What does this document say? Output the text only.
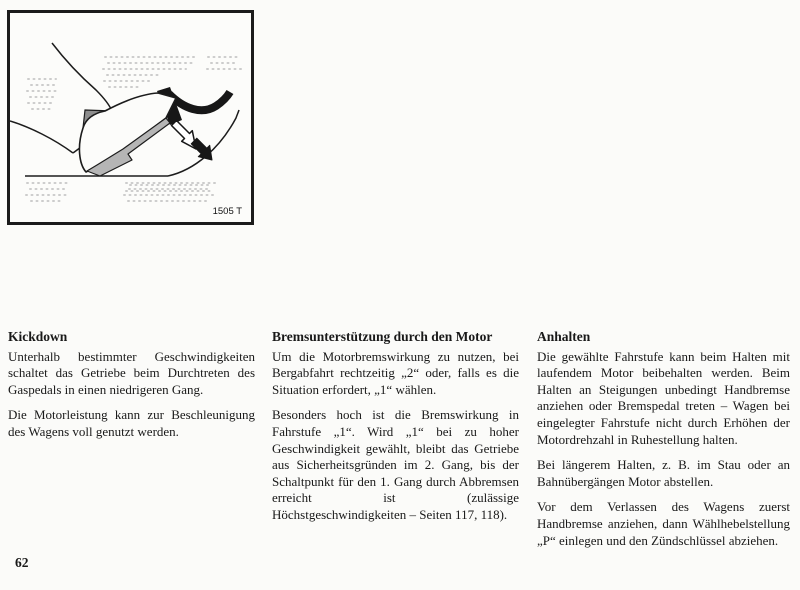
1505 T
Kickdown

Unterhalb bestimmter Geschwindigkeiten schaltet das Getriebe beim Durchtreten des Gaspedals in einen niedrigeren Gang.

Die Motorleistung kann zur Beschleunigung des Wagens voll genutzt werden.

Bremsunterstützung durch den Motor

Um die Motorbremswirkung zu nutzen, bei Bergabfahrt rechtzeitig „2“ oder, falls es die Situation erfordert, „1“ wählen.

Besonders hoch ist die Bremswirkung in Fahrstufe „1“. Wird „1“ bei zu hoher Geschwindigkeit gewählt, bleibt das Getriebe aus Sicherheitsgründen im 2. Gang, bis der Schaltpunkt für den 1. Gang durch Abbremsen erreicht ist (zulässige Höchstgeschwindigkeiten – Seiten 117, 118).

Anhalten

Die gewählte Fahrstufe kann beim Halten mit laufendem Motor beibehalten werden. Beim Halten an Steigungen unbedingt Handbremse anziehen oder Bremspedal treten – Wagen bei eingelegter Fahrstufe nicht durch Erhöhen der Motordrehzahl in Ruhestellung halten.

Bei längerem Halten, z. B. im Stau oder an Bahnübergängen Motor abstellen.

Vor dem Verlassen des Wagens zuerst Handbremse anziehen, dann Wählhebelstellung „P“ einlegen und den Zündschlüssel abziehen.

62
